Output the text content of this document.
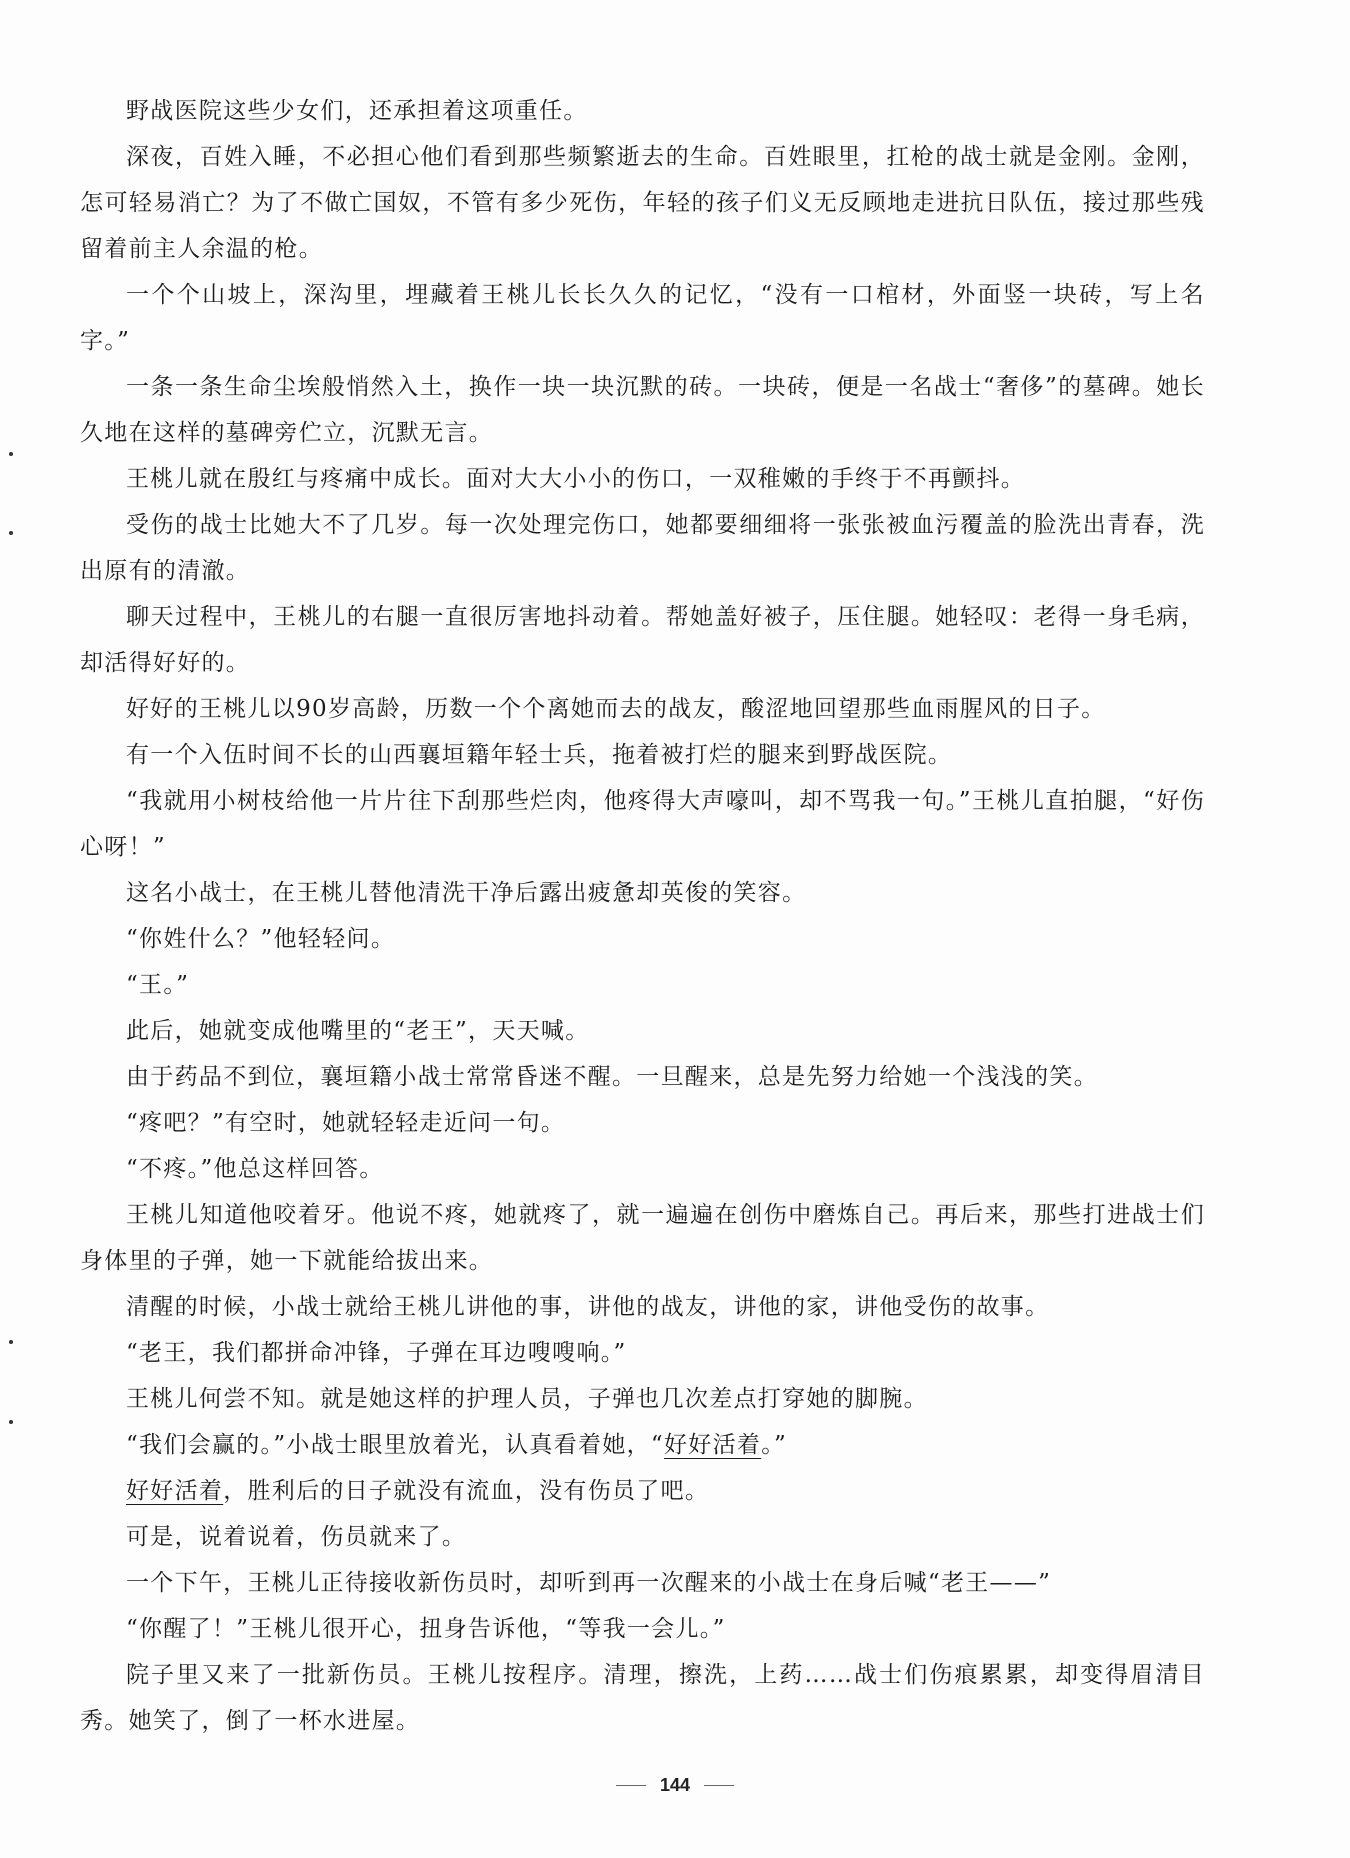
野战医院这些少女们，还承担着这项重任。

深夜，百姓入睡，不必担心他们看到那些频繁逝去的生命。百姓眼里，扛枪的战士就是金刚。金刚，怎可轻易消亡？为了不做亡国奴，不管有多少死伤，年轻的孩子们义无反顾地走进抗日队伍，接过那些残留着前主人余温的枪。

一个个山坡上，深沟里，埋藏着王桃儿长长久久的记忆，“没有一口棺材，外面竖一块砖，写上名字。”

一条一条生命尘埃般悄然入土，换作一块一块沉默的砖。一块砖，便是一名战士“奢侈”的墓碑。她长久地在这样的墓碑旁伫立，沉默无言。

王桃儿就在殷红与疼痛中成长。面对大大小小的伤口，一双稚嫩的手终于不再颤抖。

受伤的战士比她大不了几岁。每一次处理完伤口，她都要细细将一张张被血污覆盖的脸洗出青春，洗出原有的清澈。

聊天过程中，王桃儿的右腿一直很厉害地抖动着。帮她盖好被子，压住腿。她轻叹：老得一身毛病，却活得好好的。

好好的王桃儿以90岁高龄，历数一个个离她而去的战友，酸涩地回望那些血雨腥风的日子。

有一个入伍时间不长的山西襄垣籍年轻士兵，拖着被打烂的腿来到野战医院。

“我就用小树枝给他一片片往下刮那些烂肉，他疼得大声嚎叫，却不骂我一句。”王桃儿直拍腿，“好伤心呀！”

这名小战士，在王桃儿替他清洗干净后露出疲惫却英俊的笑容。

“你姓什么？”他轻轻问。

“王。”

此后，她就变成他嘴里的“老王”，天天喊。

由于药品不到位，襄垣籍小战士常常昏迷不醒。一旦醒来，总是先努力给她一个浅浅的笑。

“疼吧？”有空时，她就轻轻走近问一句。

“不疼。”他总这样回答。

王桃儿知道他咬着牙。他说不疼，她就疼了，就一遍遍在创伤中磨炼自己。再后来，那些打进战士们身体里的子弹，她一下就能给拔出来。

清醒的时候，小战士就给王桃儿讲他的事，讲他的战友，讲他的家，讲他受伤的故事。

“老王，我们都拼命冲锋，子弹在耳边嗖嗖响。”

王桃儿何尝不知。就是她这样的护理人员，子弹也几次差点打穿她的脚腕。

“我们会赢的。”小战士眼里放着光，认真看着她，“好好活着。”

好好活着，胜利后的日子就没有流血，没有伤员了吧。

可是，说着说着，伤员就来了。

一个下午，王桃儿正待接收新伤员时，却听到再一次醒来的小战士在身后喊“老王——”

“你醒了！”王桃儿很开心，扭身告诉他，“等我一会儿。”

院子里又来了一批新伤员。王桃儿按程序。清理，擦洗，上药……战士们伤痕累累，却变得眉清目秀。她笑了，倒了一杯水进屋。

144
